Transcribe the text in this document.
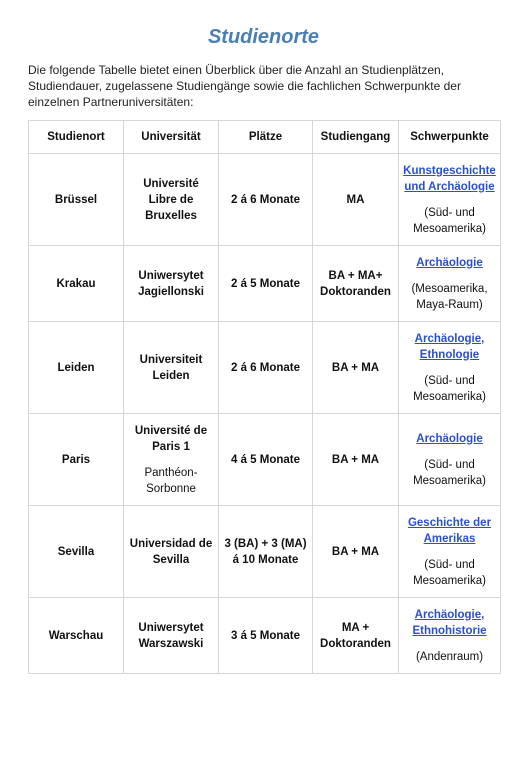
Studienorte

Die folgende Tabelle bietet einen Überblick über die Anzahl an Studienplätzen, Studiendauer, zugelassene Studiengänge sowie die fachlichen Schwerpunkte der einzelnen Partneruniversitäten:

Studienort	Universität	Plätze	Studiengang	Schwerpunkte
Brüssel	Université Libre de Bruxelles	2 á 6 Monate	MA	Kunstgeschichte und Archäologie
(Süd- und Mesoamerika)

Krakau	Uniwersytet Jagiellonski	2 á 5 Monate	BA + MA+ Doktoranden	Archäologie
(Mesoamerika, Maya-Raum)

Leiden	Universiteit Leiden	2 á 6 Monate	BA + MA	Archäologie, Ethnologie
(Süd- und Mesoamerika)

Paris	Université de Paris 1
Panthéon-Sorbonne	4 á 5 Monate	BA + MA	Archäologie
(Süd- und Mesoamerika)

Sevilla	Universidad de Sevilla	3 (BA) + 3 (MA) á 10 Monate	BA + MA	Geschichte der Amerikas
(Süd- und Mesoamerika)

Warschau	Uniwersytet Warszawski	3 á 5 Monate	MA + Doktoranden	Archäologie, Ethnohistorie
(Andenraum)
